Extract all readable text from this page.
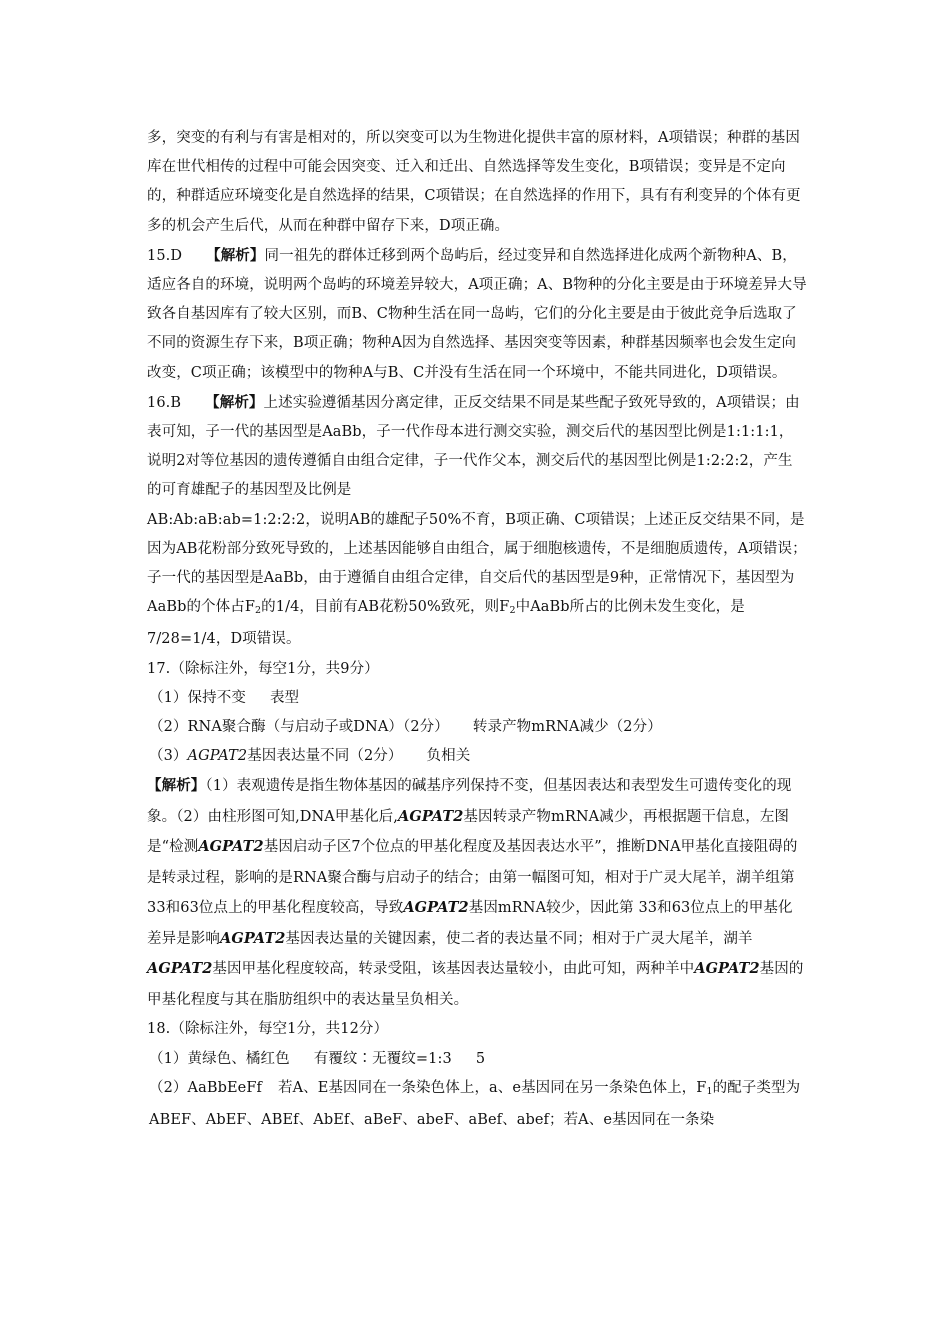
多，突变的有利与有害是相对的，所以突变可以为生物进化提供丰富的原材料，A项错误；种群的基因库在世代相传的过程中可能会因突变、迁入和迁出、自然选择等发生变化，B项错误；变异是不定向的，种群适应环境变化是自然选择的结果，C项错误；在自然选择的作用下，具有有利变异的个体有更多的机会产生后代，从而在种群中留存下来，D项正确。

15.D 【解析】同一祖先的群体迁移到两个岛屿后，经过变异和自然选择进化成两个新物种A、B，适应各自的环境，说明两个岛屿的环境差异较大，A项正确；A、B物种的分化主要是由于环境差异大导致各自基因库有了较大区别，而B、C物种生活在同一岛屿，它们的分化主要是由于彼此竞争后选取了不同的资源生存下来，B项正确；物种A因为自然选择、基因突变等因素，种群基因频率也会发生定向改变，C项正确；该模型中的物种A与B、C并没有生活在同一个环境中，不能共同进化，D项错误。

16.B 【解析】上述实验遵循基因分离定律，正反交结果不同是某些配子致死导致的，A项错误；由表可知，子一代的基因型是AaBb，子一代作母本进行测交实验，测交后代的基因型比例是1:1:1:1，说明2对等位基因的遗传遵循自由组合定律，子一代作父本，测交后代的基因型比例是1:2:2:2，产生的可育雄配子的基因型及比例是
AB:Ab:aB:ab=1:2:2:2，说明AB的雄配子50%不育，B项正确、C项错误；上述正反交结果不同，是因为AB花粉部分致死导致的，上述基因能够自由组合，属于细胞核遗传，不是细胞质遗传，A项错误；子一代的基因型是AaBb，由于遵循自由组合定律，自交后代的基因型是9种，正常情况下，基因型为AaBb的个体占$F_2$的1/4，目前有AB花粉50%致死，则$F_2$中AaBb所占的比例未发生变化，是7/28=1/4，D项错误。

17.（除标注外，每空1分，共9分）

（1）保持不变 表型

（2）RNA聚合酶（与启动子或DNA）（2分） 转录产物mRNA减少（2分）

（3）AGPAT2基因表达量不同（2分） 负相关

【解析】（1）表观遗传是指生物体基因的碱基序列保持不变，但基因表达和表型发生可遗传变化的现象。（2）由柱形图可知,DNA甲基化后,AGPAT2基因转录产物mRNA减少，再根据题干信息，左图是“检测AGPAT2基因启动子区7个位点的甲基化程度及基因表达水平”，推断DNA甲基化直接阻碍的是转录过程，影响的是RNA聚合酶与启动子的结合；由第一幅图可知，相对于广灵大尾羊，湖羊组第33和63位点上的甲基化程度较高，导致AGPAT2基因mRNA较少，因此第 33和63位点上的甲基化差异是影响AGPAT2基因表达量的关键因素，使二者的表达量不同；相对于广灵大尾羊，湖羊AGPAT2基因甲基化程度较高，转录受阻，该基因表达量较小，由此可知，两种羊中AGPAT2基因的甲基化程度与其在脂肪组织中的表达量呈负相关。

18.（除标注外，每空1分，共12分）

（1）黄绿色、橘红色 有覆纹∶无覆纹=1:3 5

（2）AaBbEeFf 若A、E基因同在一条染色体上，a、e基因同在另一条染色体上，$F_1$的配子类型为ABEF、AbEF、ABEf、AbEf、aBeF、abeF、aBef、abef；若A、e基因同在一条染
